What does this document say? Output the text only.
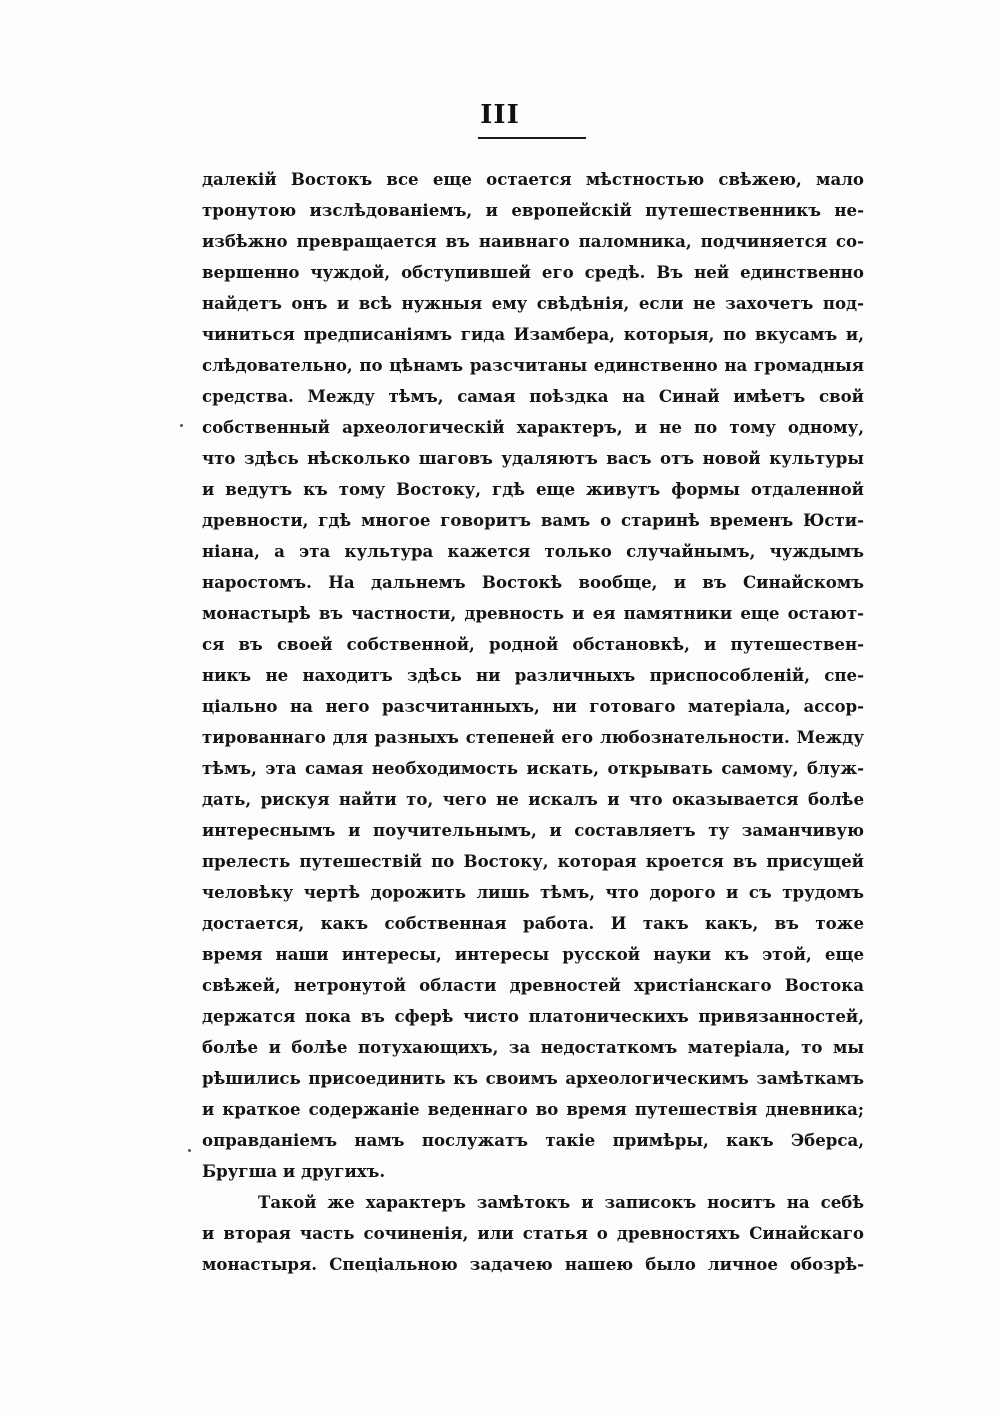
III
далекій Востокъ все еще остается мѣстностью свѣжею, мало
тронутою изслѣдованіемъ, и европейскій путешественникъ не-
избѣжно превращается въ наивнаго паломника, подчиняется со-
вершенно чуждой, обступившей его средѣ. Въ ней единственно
найдетъ онъ и всѣ нужныя ему свѣдѣнія, если не захочетъ под-
чиниться предписаніямъ гида Изамбера, которыя, по вкусамъ и,
слѣдовательно, по цѣнамъ разсчитаны единственно на громадныя
средства. Между тѣмъ, самая поѣздка на Синай имѣетъ свой
собственный археологическій характеръ, и не по тому одному,
что здѣсь нѣсколько шаговъ удаляютъ васъ отъ новой культуры
и ведутъ къ тому Востоку, гдѣ еще живутъ формы отдаленной
древности, гдѣ многое говоритъ вамъ о старинѣ временъ Юсти-
ніана, а эта культура кажется только случайнымъ, чуждымъ
наростомъ. На дальнемъ Востокѣ вообще, и въ Синайскомъ
монастырѣ въ частности, древность и ея памятники еще остают-
ся въ своей собственной, родной обстановкѣ, и путешествен-
никъ не находитъ здѣсь ни различныхъ приспособленій, спе-
ціально на него разсчитанныхъ, ни готоваго матеріала, ассор-
тированнаго для разныхъ степеней его любознательности. Между
тѣмъ, эта самая необходимость искать, открывать самому, блуж-
дать, рискуя найти то, чего не искалъ и что оказывается болѣе
интереснымъ и поучительнымъ, и составляетъ ту заманчивую
прелесть путешествій по Востоку, которая кроется въ присущей
человѣку чертѣ дорожить лишь тѣмъ, что дорого и съ трудомъ
достается, какъ собственная работа. И такъ какъ, въ тоже
время наши интересы, интересы русской науки къ этой, еще
свѣжей, нетронутой области древностей христіанскаго Востока
держатся пока въ сферѣ чисто платоническихъ привязанностей,
болѣе и болѣе потухающихъ, за недостаткомъ матеріала, то мы
рѣшились присоединить къ своимъ археологическимъ замѣткамъ
и краткое содержаніе веденнаго во время путешествія дневника;
оправданіемъ намъ послужатъ такіе примѣры, какъ Эберса,
Бругша и другихъ.
Такой же характеръ замѣтокъ и записокъ носитъ на себѣ
и вторая часть сочиненія, или статья о древностяхъ Синайскаго
монастыря. Спеціальною задачею нашею было личное обозрѣ-
